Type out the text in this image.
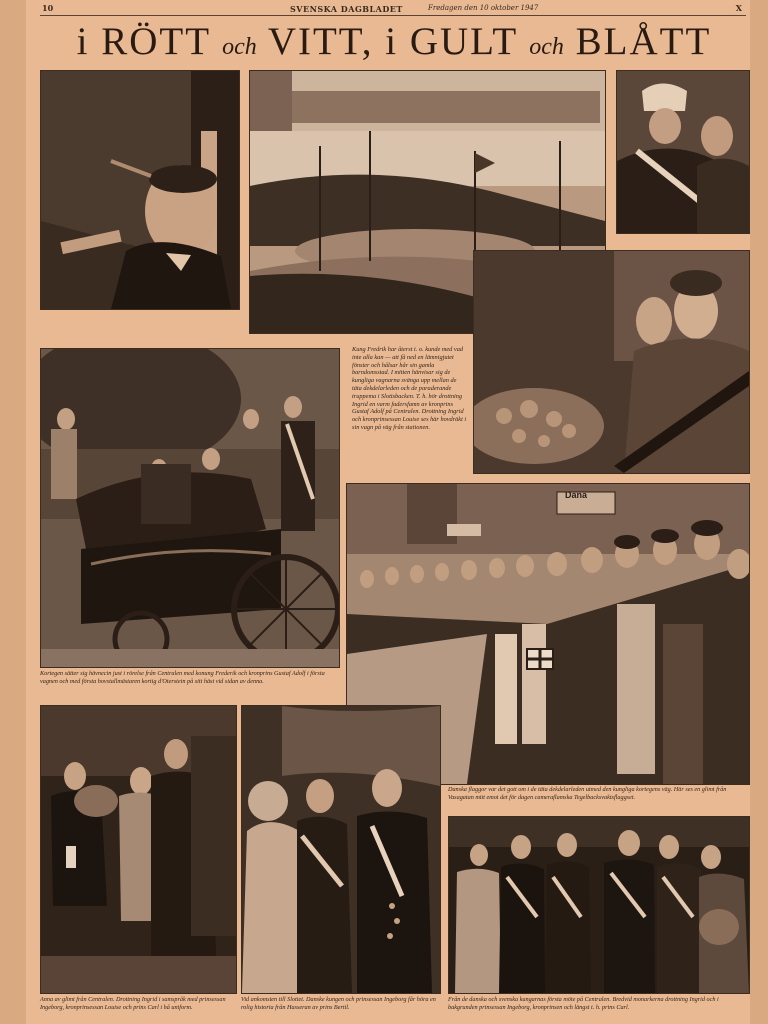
10	SVENSKA DAGBLADET	Fredagen den 10 oktober 1947	X
i RÖTT och VITT, i GULT och BLÅTT
Kung Fredrik har återst t. o. kunde med vad inte alla kan — att få ned en lämnigjutet fönster och hålsar hår sin gamla barndomsstad. I mitten hänvisar sig de kungliga vagnarna svänga upp mellan de täta dekdelarleden och de paraderande truppema i Slottsbacken. T. h. hör drottning Ingrid en varm fadersfamn av kronprins Gustaf Adolf på Centralen. Drottning Ingrid och kronprinsessan Louise ses här hovdräkt i sin vagn på väg från stationen.
Kortegen sätter sig hävnecin just i rörelse från Centralen med konung Frederik och kronprins Gustaf Adolf i första vagnen och med första hovstallmästaren kortig d'Oterstein på sitt häst vid sidan av denna.
Dana
Danska flaggor var det gott om i de täta dekdelarleden utmed den kungliga kortegens väg. Här ses en glimt från Vasagatan mitt emot det för dagen cameraflamska Tegelbacksvaktsflaggset.
Anna av glimt från Centralen. Drottning Ingrid i samspråk med prinsessan Ingeborg, kronprinsessan Louise och prins Carl i hå uniform.
Vid ankomsten till Slottet. Danske kungen och prinsessan Ingeborg får höra en rolig historia från Hasseran av prins Bertil.
Från de danska och svenska kungarnas första möte på Centralen. Bredvid monarkerna drottning Ingrid och i bakgrunden prinsessan Ingeborg, kronprinsen och längst t. h. prins Carl.
